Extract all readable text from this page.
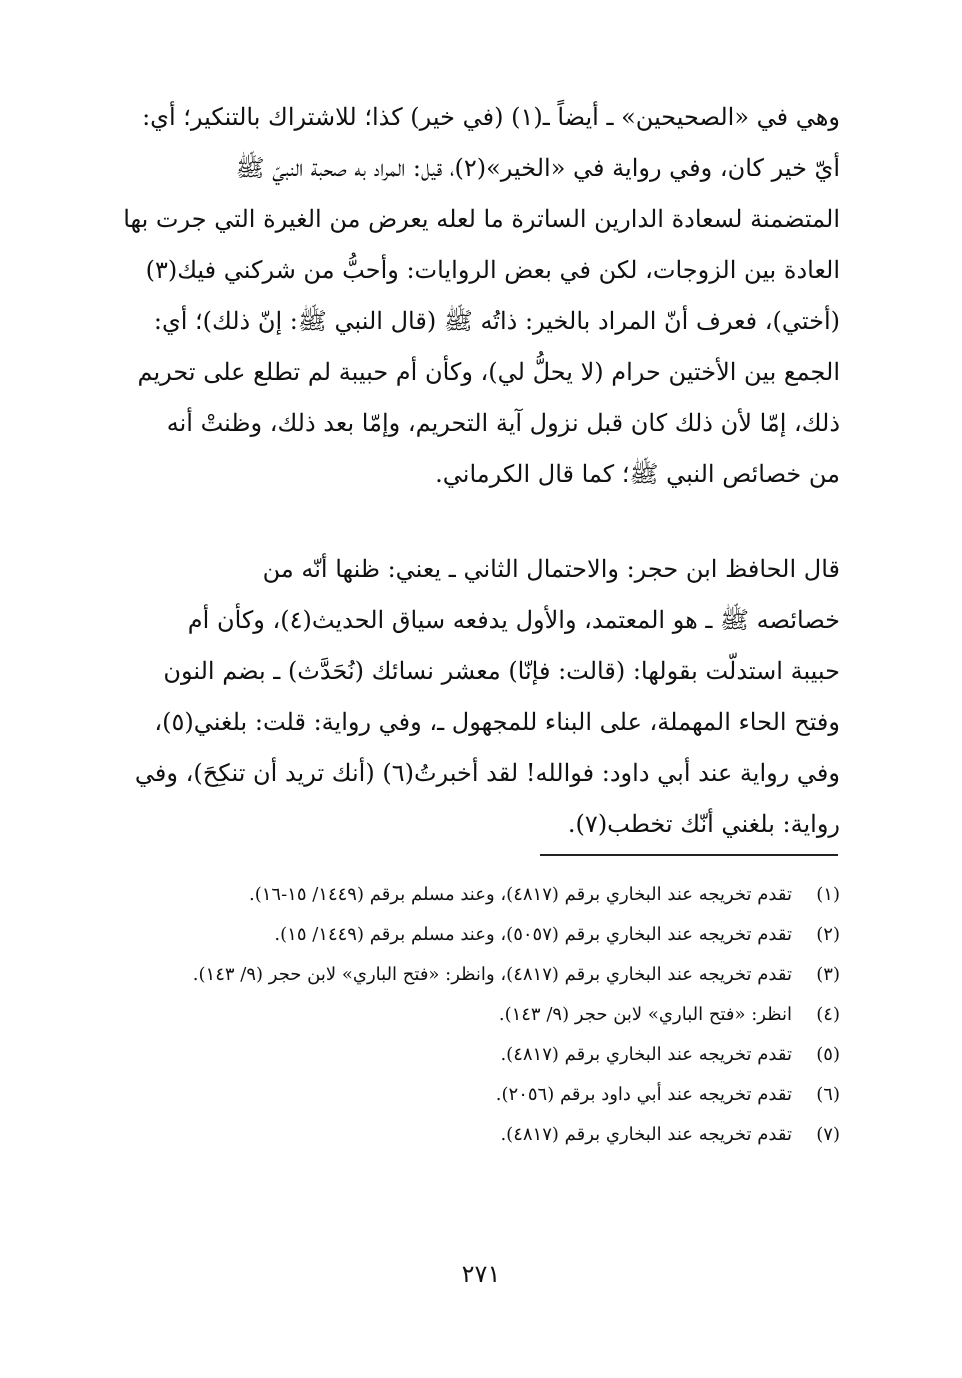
وهي في «الصحيحين» ـ أيضاً ـ(١) (في خير) كذا؛ للاشتراك بالتنكير؛ أي:
أيّ خير كان، وفي رواية في «الخير»(٢)، قيل: المراد به صحبة النبيّ ﷺ
المتضمنة لسعادة الدارين الساترة ما لعله يعرض من الغيرة التي جرت بها
العادة بين الزوجات، لكن في بعض الروايات: وأحبُّ من شركني فيك(٣)
(أختي)، فعرف أنّ المراد بالخير: ذاتُه ﷺ (قال النبي ﷺ: إنّ ذلك)؛ أي:
الجمع بين الأختين حرام (لا يحلُّ لي)، وكأن أم حبيبة لم تطلع على تحريم
ذلك، إمّا لأن ذلك كان قبل نزول آية التحريم، وإمّا بعد ذلك، وظنتْ أنه
من خصائص النبي ﷺ؛ كما قال الكرماني.
قال الحافظ ابن حجر: والاحتمال الثاني ـ يعني: ظنها أنّه من
خصائصه ﷺ ـ هو المعتمد، والأول يدفعه سياق الحديث(٤)، وكأن أم
حبيبة استدلّت بقولها: (قالت: فإنّا) معشر نسائك (نُحَدَّث) ـ بضم النون
وفتح الحاء المهملة، على البناء للمجهول ـ، وفي رواية: قلت: بلغني(٥)،
وفي رواية عند أبي داود: فوالله! لقد أخبرتُ(٦) (أنك تريد أن تنكِحَ)، وفي
رواية: بلغني أنّك تخطب(٧).
(١)
تقدم تخريجه عند البخاري برقم (٤٨١٧)، وعند مسلم برقم (١٤٤٩/ ١٥-١٦).
(٢)
تقدم تخريجه عند البخاري برقم (٥٠٥٧)، وعند مسلم برقم (١٤٤٩/ ١٥).
(٣)
تقدم تخريجه عند البخاري برقم (٤٨١٧)، وانظر: «فتح الباري» لابن حجر (٩/ ١٤٣).
(٤)
انظر: «فتح الباري» لابن حجر (٩/ ١٤٣).
(٥)
تقدم تخريجه عند البخاري برقم (٤٨١٧).
(٦)
تقدم تخريجه عند أبي داود برقم (٢٠٥٦).
(٧)
تقدم تخريجه عند البخاري برقم (٤٨١٧).
٢٧١
